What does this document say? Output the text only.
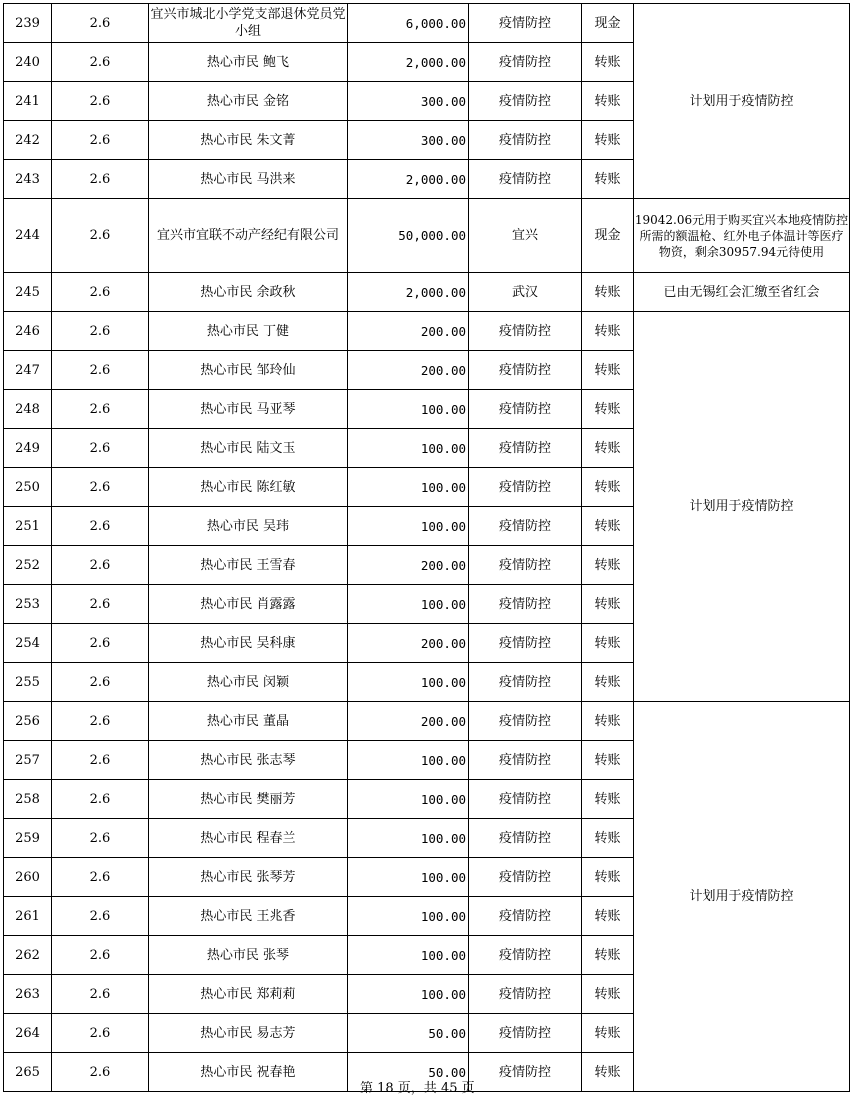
239	2.6	宜兴市城北小学党支部退休党员党小组	6,000.00	疫情防控	现金	计划用于疫情防控
240	2.6	热心市民 鲍飞	2,000.00	疫情防控	转账	
241	2.6	热心市民 金铭	300.00	疫情防控	转账	
242	2.6	热心市民 朱文菁	300.00	疫情防控	转账	
243	2.6	热心市民 马洪来	2,000.00	疫情防控	转账	
244	2.6	宜兴市宜联不动产经纪有限公司	50,000.00	宜兴	现金	19042.06元用于购买宜兴本地疫情防控所需的额温枪、红外电子体温计等医疗物资，剩余30957.94元待使用
245	2.6	热心市民 余政秋	2,000.00	武汉	转账	已由无锡红会汇缴至省红会
246	2.6	热心市民 丁健	200.00	疫情防控	转账	计划用于疫情防控
247	2.6	热心市民 邹玲仙	200.00	疫情防控	转账	
248	2.6	热心市民 马亚琴	100.00	疫情防控	转账	
249	2.6	热心市民 陆文玉	100.00	疫情防控	转账	
250	2.6	热心市民 陈红敏	100.00	疫情防控	转账	
251	2.6	热心市民 吴玮	100.00	疫情防控	转账	
252	2.6	热心市民 王雪春	200.00	疫情防控	转账	
253	2.6	热心市民 肖露露	100.00	疫情防控	转账	
254	2.6	热心市民 吴科康	200.00	疫情防控	转账	
255	2.6	热心市民 闵颖	100.00	疫情防控	转账	
256	2.6	热心市民 董晶	200.00	疫情防控	转账	计划用于疫情防控
257	2.6	热心市民 张志琴	100.00	疫情防控	转账	
258	2.6	热心市民 樊丽芳	100.00	疫情防控	转账	
259	2.6	热心市民 程春兰	100.00	疫情防控	转账	
260	2.6	热心市民 张琴芳	100.00	疫情防控	转账	
261	2.6	热心市民 王兆香	100.00	疫情防控	转账	
262	2.6	热心市民 张琴	100.00	疫情防控	转账	
263	2.6	热心市民 郑莉莉	100.00	疫情防控	转账	
264	2.6	热心市民 易志芳	50.00	疫情防控	转账	
265	2.6	热心市民 祝春艳	50.00	疫情防控	转账	
第 18 页，共 45 页
